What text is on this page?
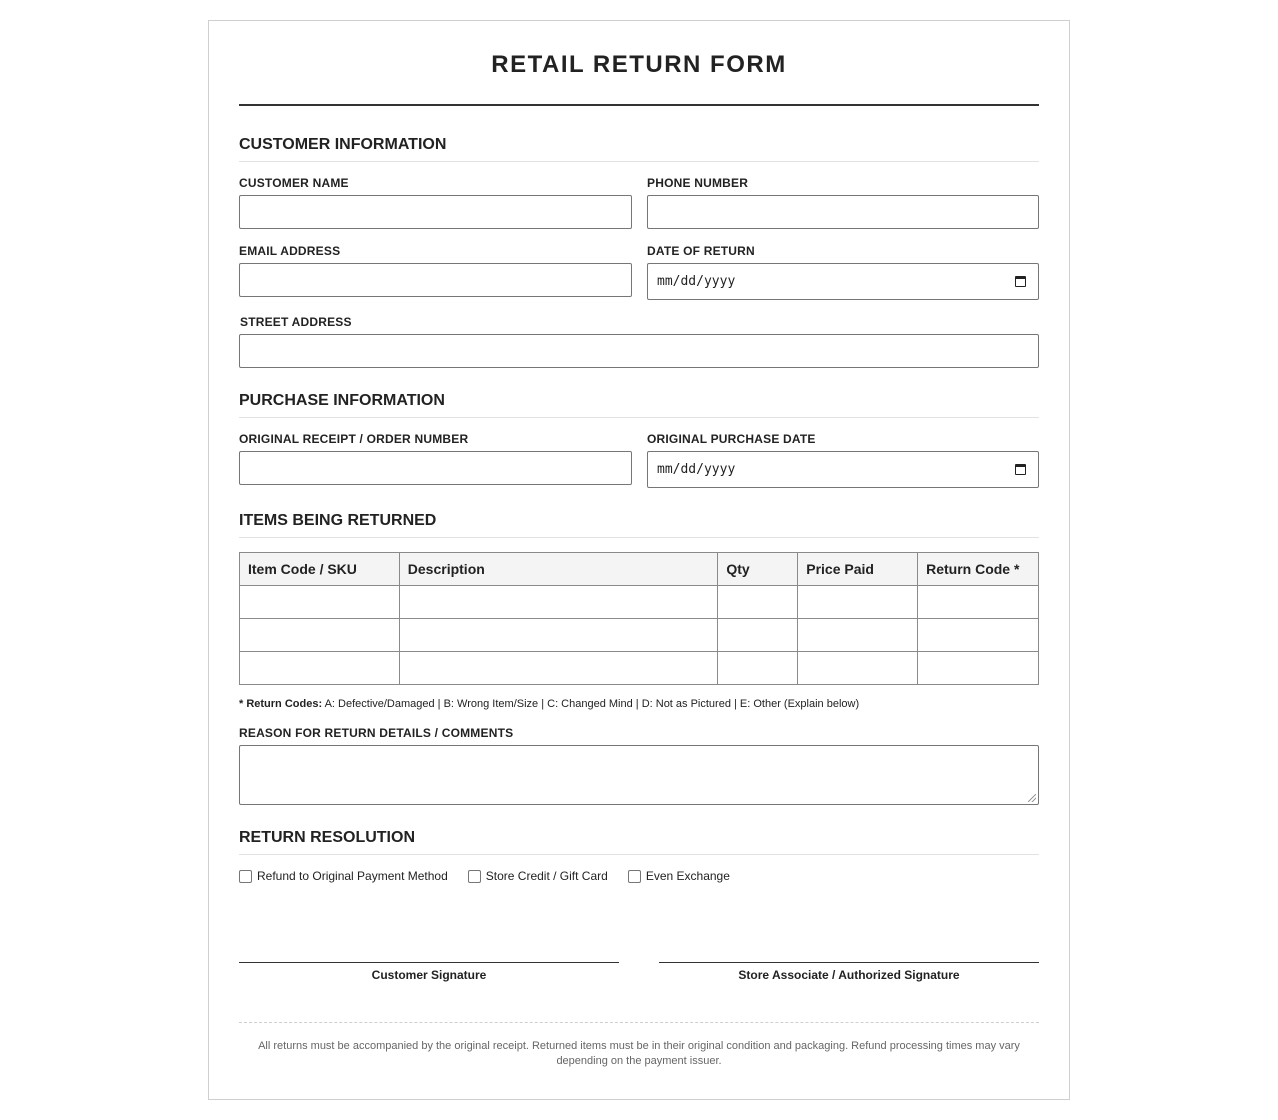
RETAIL RETURN FORM
CUSTOMER INFORMATION
CUSTOMER NAME	PHONE NUMBER
EMAIL ADDRESS	DATE OF RETURN
mm/dd/yyyy
STREET ADDRESS
PURCHASE INFORMATION
ORIGINAL RECEIPT / ORDER NUMBER	ORIGINAL PURCHASE DATE
mm/dd/yyyy
ITEMS BEING RETURNED
Item Code / SKU	Description	Qty	Price Paid	Return Code *

* Return Codes: A: Defective/Damaged | B: Wrong Item/Size | C: Changed Mind | D: Not as Pictured | E: Other (Explain below)
REASON FOR RETURN DETAILS / COMMENTS
RETURN RESOLUTION
Refund to Original Payment Method	Store Credit / Gift Card	Even Exchange
Customer Signature	Store Associate / Authorized Signature
All returns must be accompanied by the original receipt. Returned items must be in their original condition and packaging. Refund processing times may vary depending on the payment issuer.
